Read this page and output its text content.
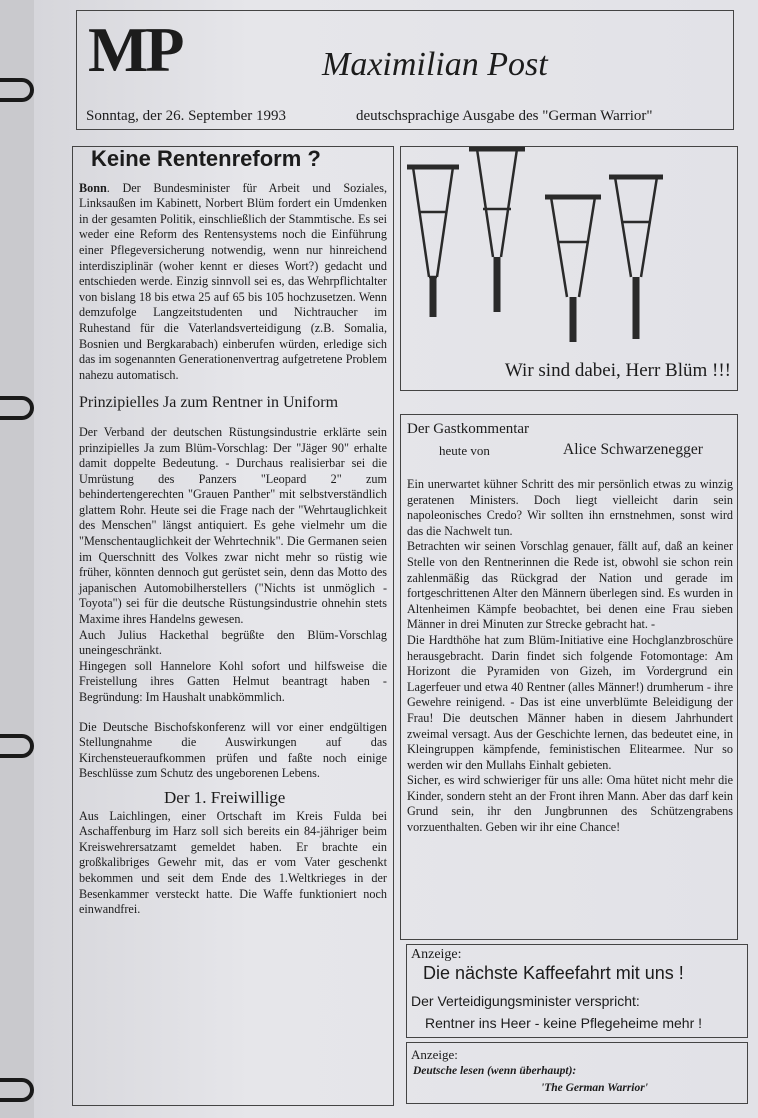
MP	Maximilian Post
Sonntag, der 26. September 1993	deutschsprachige Ausgabe des "German Warrior"
Keine Rentenreform ?

Bonn. Der Bundesminister für Arbeit und Soziales, Linksaußen im Kabinett, Norbert Blüm fordert ein Umdenken in der gesamten Politik, einschließlich der Stammtische. Es sei weder eine Reform des Rentensystems noch die Einführung einer Pflegeversicherung notwendig, wenn nur hinreichend interdisziplinär (woher kennt er dieses Wort?) gedacht und entschieden werde. Einzig sinnvoll sei es, das Wehrpflichtalter von bislang 18 bis etwa 25 auf 65 bis 105 hochzusetzen. Wenn demzufolge Langzeitstudenten und Nichtraucher im Ruhestand für die Vaterlandsverteidigung (z.B. Somalia, Bosnien und Bergkarabach) einberufen würden, erledige sich das im sogenannten Generationenvertrag aufgetretene Problem nahezu automatisch.

Prinzipielles Ja zum Rentner in Uniform

Der Verband der deutschen Rüstungsindustrie erklärte sein prinzipielles Ja zum Blüm-Vorschlag: Der "Jäger 90" erhalte damit doppelte Bedeutung. - Durchaus realisierbar sei die Umrüstung des Panzers "Leopard 2" zum behindertengerechten "Grauen Panther" mit selbstverständlich glattem Rohr. Heute sei die Frage nach der "Wehrtauglichkeit des Menschen" längst antiquiert. Es gehe vielmehr um die "Menschentauglichkeit der Wehrtechnik". Die Germanen seien im Querschnitt des Volkes zwar nicht mehr so rüstig wie früher, könnten dennoch gut gerüstet sein, denn das Motto des japanischen Automobilherstellers ("Nichts ist unmöglich - Toyota") sei für die deutsche Rüstungsindustrie ohnehin stets Maxime ihres Handelns gewesen.

Auch Julius Hackethal begrüßte den Blüm-Vorschlag uneingeschränkt.

Hingegen soll Hannelore Kohl sofort und hilfsweise die Freistellung ihres Gatten Helmut beantragt haben - Begründung: Im Haushalt unabkömmlich.

Die Deutsche Bischofskonferenz will vor einer endgültigen Stellungnahme die Auswirkungen auf das Kirchensteueraufkommen prüfen und faßte noch einige Beschlüsse zum Schutz des ungeborenen Lebens.

Der 1. Freiwillige

Aus Laichlingen, einer Ortschaft im Kreis Fulda bei Aschaffenburg im Harz soll sich bereits ein 84-jähriger beim Kreiswehrersatzamt gemeldet haben. Er brachte ein großkalibriges Gewehr mit, das er vom Vater geschenkt bekommen und seit dem Ende des 1.Weltkrieges in der Besenkammer versteckt hatte. Die Waffe funktioniert noch einwandfrei.

Wir sind dabei, Herr Blüm !!!
Der Gastkommentar
heute von	Alice Schwarzenegger

Ein unerwartet kühner Schritt des mir persönlich etwas zu winzig geratenen Ministers. Doch liegt vielleicht darin sein napoleonisches Credo? Wir sollten ihn ernstnehmen, sonst wird das die Nachwelt tun.

Betrachten wir seinen Vorschlag genauer, fällt auf, daß an keiner Stelle von den Rentnerinnen die Rede ist, obwohl sie schon rein zahlenmäßig das Rückgrad der Nation und gerade im fortgeschrittenen Alter den Männern überlegen sind. Es wurden in Altenheimen Kämpfe beobachtet, bei denen eine Frau sieben Männer in drei Minuten zur Strecke gebracht hat. -

Die Hardthöhe hat zum Blüm-Initiative eine Hochglanzbroschüre herausgebracht. Darin findet sich folgende Fotomontage: Am Horizont die Pyramiden von Gizeh, im Vordergrund ein Lagerfeuer und etwa 40 Rentner (alles Männer!) drumherum - ihre Gewehre reinigend. - Das ist eine unverblümte Beleidigung der Frau! Die deutschen Männer haben in diesem Jahrhundert zweimal versagt. Aus der Geschichte lernen, das bedeutet eine, in Kleingruppen kämpfende, feministischen Elitearmee. Nur so werden wir den Mullahs Einhalt gebieten.

Sicher, es wird schwieriger für uns alle: Oma hütet nicht mehr die Kinder, sondern steht an der Front ihren Mann. Aber das darf kein Grund sein, ihr den Jungbrunnen des Schützengrabens vorzuenthalten. Geben wir ihr eine Chance!

Anzeige:
Die nächste Kaffeefahrt mit uns !
Der Verteidigungsminister verspricht:
Rentner ins Heer - keine Pflegeheime mehr !
Anzeige:
Deutsche lesen (wenn überhaupt):
'The German Warrior'
